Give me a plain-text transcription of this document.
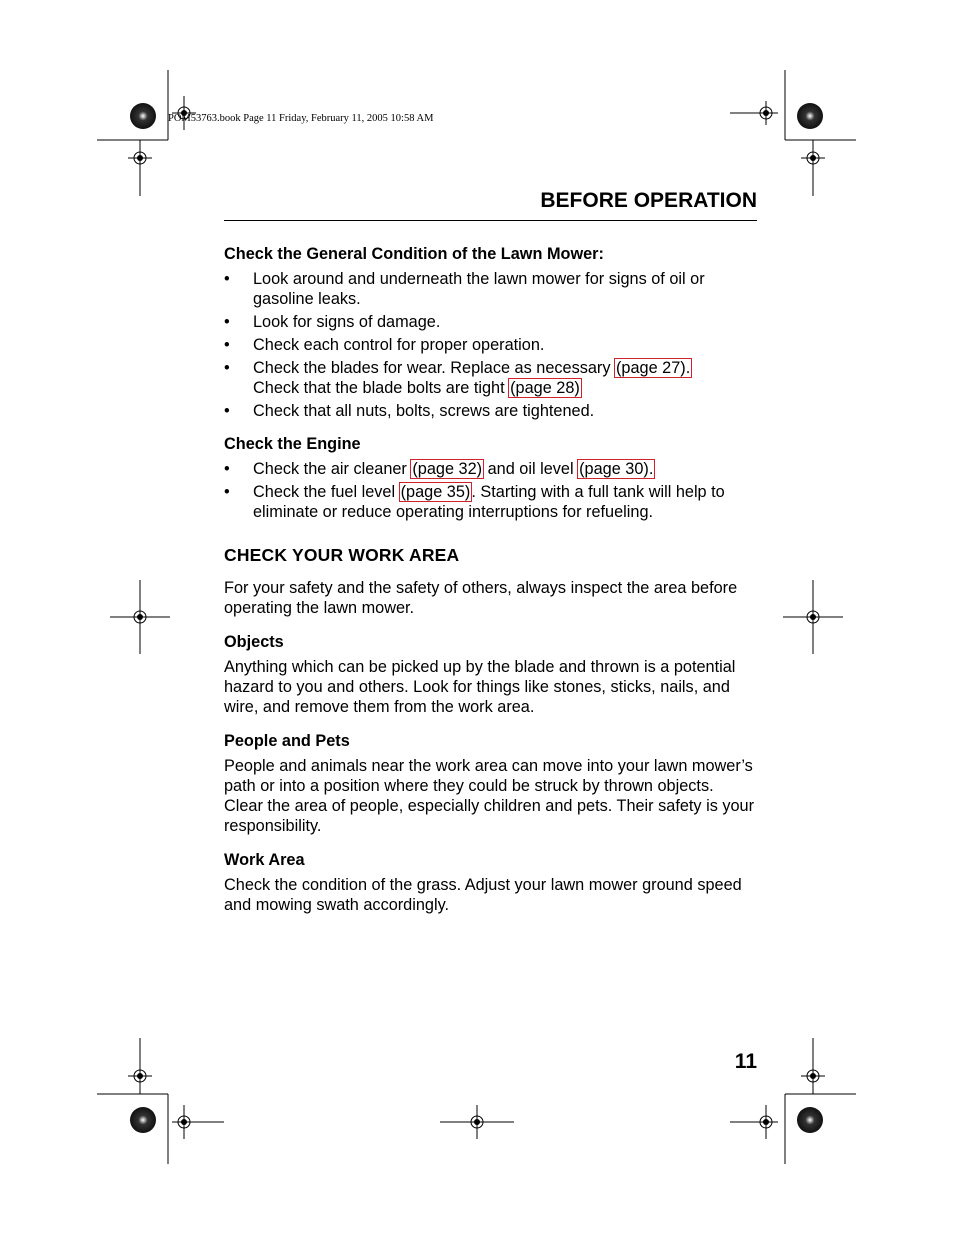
POM53763.book Page 11 Friday, February 11, 2005 10:58 AM
BEFORE OPERATION
Check the General Condition of the Lawn Mower:
• Look around and underneath the lawn mower for signs of oil or gasoline leaks.
• Look for signs of damage.
• Check each control for proper operation.
• Check the blades for wear. Replace as necessary (page 27).
Check that the blade bolts are tight (page 28)
• Check that all nuts, bolts, screws are tightened.
Check the Engine
• Check the air cleaner (page 32) and oil level (page 30).
• Check the fuel level (page 35). Starting with a full tank will help to eliminate or reduce operating interruptions for refueling.
CHECK YOUR WORK AREA

For your safety and the safety of others, always inspect the area before operating the lawn mower.

Objects

Anything which can be picked up by the blade and thrown is a potential hazard to you and others. Look for things like stones, sticks, nails, and wire, and remove them from the work area.

People and Pets

People and animals near the work area can move into your lawn mower’s path or into a position where they could be struck by thrown objects. Clear the area of people, especially children and pets. Their safety is your responsibility.

Work Area

Check the condition of the grass. Adjust your lawn mower ground speed and mowing swath accordingly.

11
